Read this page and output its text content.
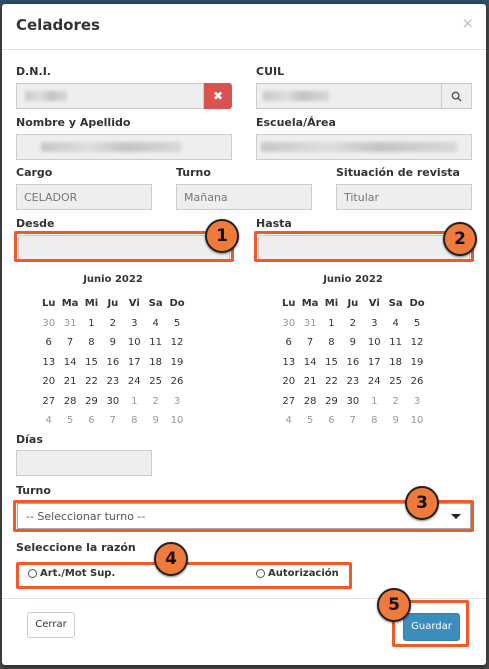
Celadores	×
D.N.I.
✖
CUIL
Nombre y Apellido	Escuela/Área
Cargo
CELADOR
Turno
Mañana
Situación de revista
Titular
Desde
1
Hasta
2
Junio 2022
Lu Ma Mi Ju	Vi Sa Do
30 31	1	2	3	4	5
6	7	8	9	10 11 12
13 14 15 16 17 18 19
20 21 22 23 24 25 26
27 28 29 30	1	2	3
4	5	6	7	8	9	10
Junio 2022
Lu Ma Mi Ju	Vi Sa Do
30 31	1	2	3	4	5
6	7	8	9	10 11 12
13 14 15 16 17 18 19
20 21 22 23 24 25 26
27 28 29 30	1	2	3
4	5	6	7	8	9	10
Días
Turno
-- Seleccionar turno --
3
Seleccione la razón
Art./Mot Sup.	Autorización
4
Cerrar	Guardar
5
